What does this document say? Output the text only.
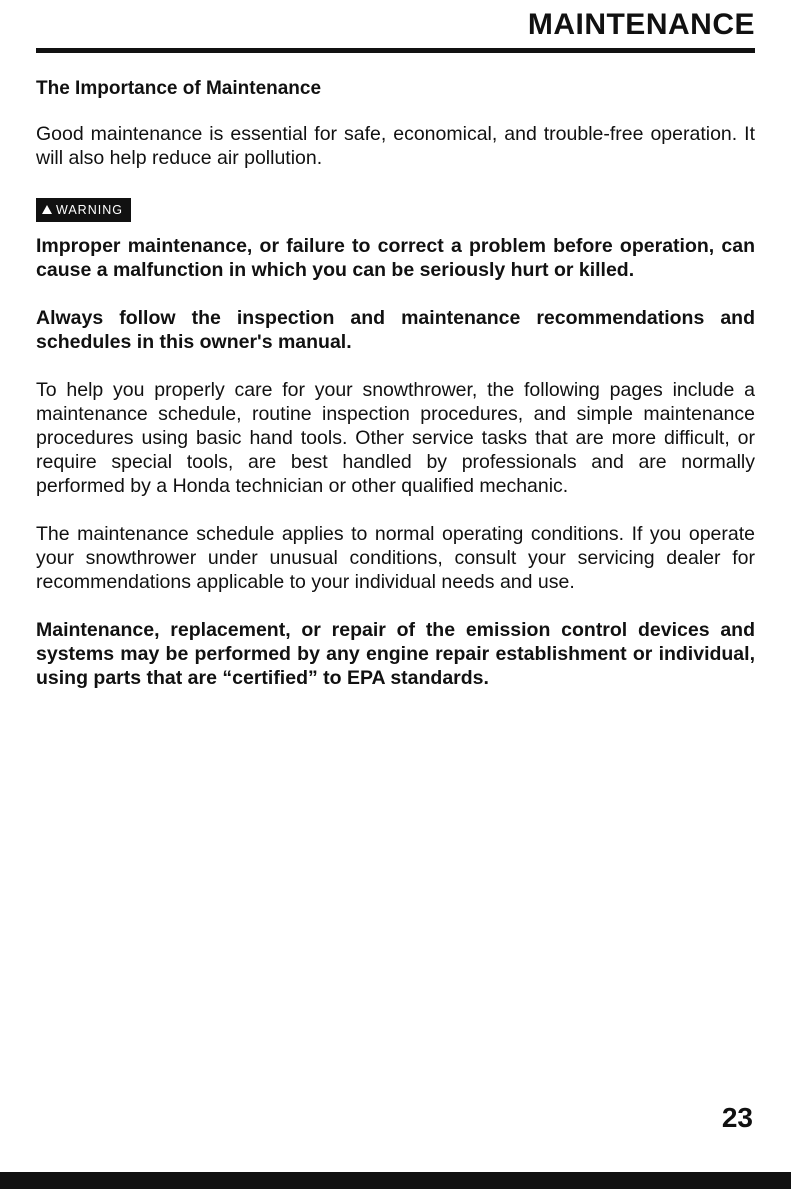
MAINTENANCE
The Importance of Maintenance

Good maintenance is essential for safe, economical, and trouble-free operation. It will also help reduce air pollution.

WARNING

Improper maintenance, or failure to correct a problem before operation, can cause a malfunction in which you can be seriously hurt or killed.

Always follow the inspection and maintenance recommendations and schedules in this owner's manual.

To help you properly care for your snowthrower, the following pages include a maintenance schedule, routine inspection procedures, and simple maintenance procedures using basic hand tools. Other service tasks that are more difficult, or require special tools, are best handled by professionals and are normally performed by a Honda technician or other qualified mechanic.

The maintenance schedule applies to normal operating conditions. If you operate your snowthrower under unusual conditions, consult your servicing dealer for recommendations applicable to your individual needs and use.

Maintenance, replacement, or repair of the emission control devices and systems may be performed by any engine repair establishment or individual, using parts that are “certified” to EPA standards.

23
